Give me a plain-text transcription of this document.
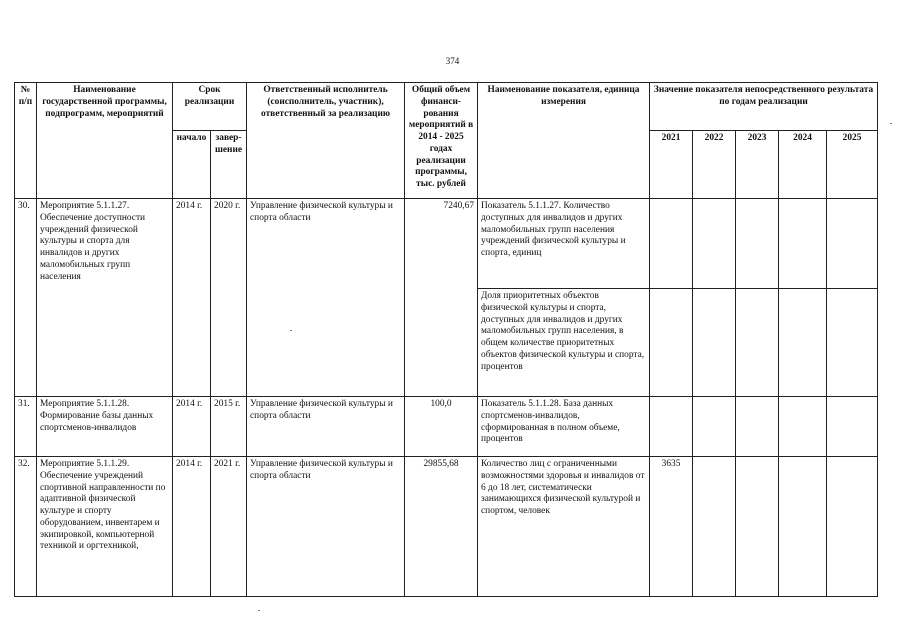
374
№ п/п	Наименование государственной программы, подпрограмм, мероприятий	Срок реализации		Ответственный исполнитель (соисполнитель, участник), ответственный за реализацию	Общий объем финанси-рования мероприятий в 2014 - 2025 годах реализации программы, тыс. рублей	Наименование показателя, единица измерения	Значение показателя непосредственного результата по годам реализации				
		начало	завер-шение				2021	2022	2023	2024	2025
30.	Мероприятие 5.1.1.27. Обеспечение доступности учреждений физической культуры и спорта для инвалидов и других маломобильных групп населения	2014 г.	2020 г.	Управление физической культуры и спорта области	7240,67	Показатель 5.1.1.27. Количество доступных для инвалидов и других маломобильных групп населения учреждений физической культуры и спорта, единиц					
						Доля приоритетных объектов физической культуры и спорта, доступных для инвалидов и других маломобильных групп населения, в общем количестве приоритетных объектов физической культуры и спорта, процентов					
31.	Мероприятие 5.1.1.28. Формирование базы данных спортсменов-инвалидов	2014 г.	2015 г.	Управление физической культуры и спорта области	100,0	Показатель 5.1.1.28. База данных спортсменов-инвалидов, сформированная в полном объеме, процентов					
32.	Мероприятие 5.1.1.29. Обеспечение учреждений спортивной направленности по адаптивной физической культуре и спорту оборудованием, инвентарем и экипировкой, компьютерной техникой и оргтехникой,	2014 г.	2021 г.	Управление физической культуры и спорта области	29855,68	Количество лиц с ограниченными возможностями здоровья и инвалидов от 6 до 18 лет, систематически занимающихся физической культурой и спортом, человек	3635				
